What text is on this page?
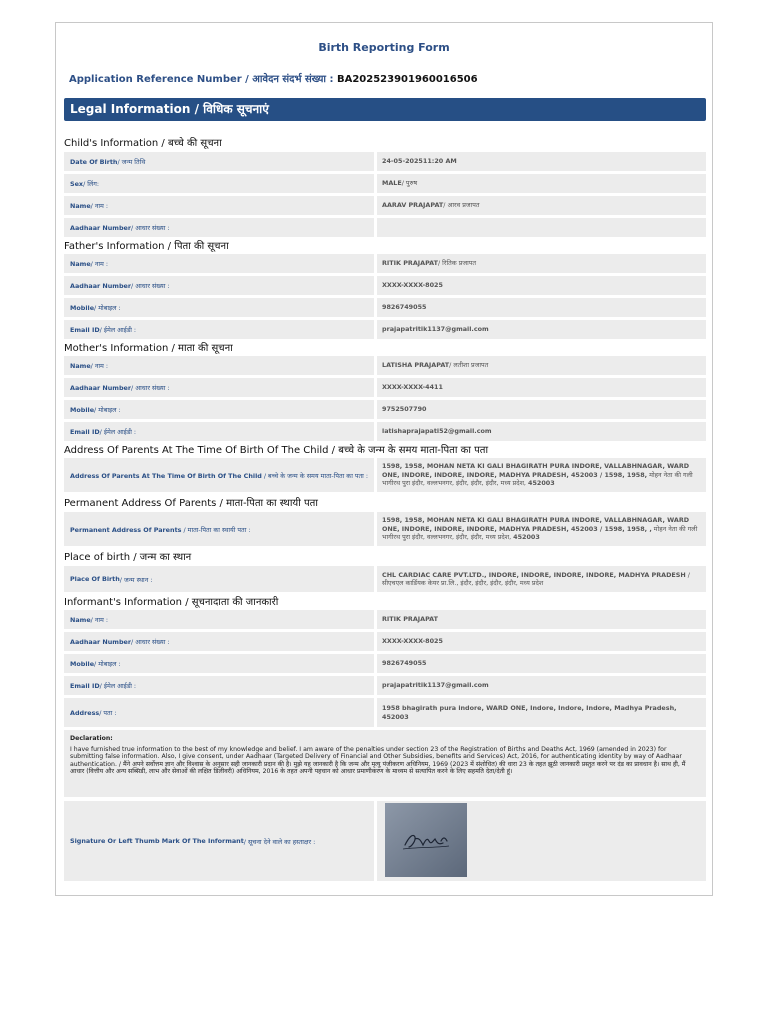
Birth Reporting Form
Application Reference Number / आवेदन संदर्भ संख्या : BA202523901960016506
Legal Information / विधिक सूचनाएं
Child's Information / बच्चे की सूचना
Date Of Birth / जन्म तिथि	24-05-202511:20 AM
Sex / लिंग:	MALE / पुरुष
Name / नाम :	AARAV PRAJAPAT / आरव प्रजापत
Aadhaar Number / आधार संख्या :
Father's Information / पिता की सूचना
Name / नाम :	RITIK PRAJAPAT / रितिक प्रजापत
Aadhaar Number / आधार संख्या :	XXXX-XXXX-8025
Mobile / मोबाइल :	9826749055
Email ID / ईमेल आईडी :	prajapatritik1137@gmail.com
Mother's Information / माता की सूचना
Name / नाम :	LATISHA PRAJAPAT / लतीशा प्रजापत
Aadhaar Number / आधार संख्या :	XXXX-XXXX-4411
Mobile / मोबाइल :	9752507790
Email ID / ईमेल आईडी :	latishaprajapati52@gmail.com
Address Of Parents At The Time Of Birth Of The Child / बच्चे के जन्म के समय माता-पिता का पता
Address Of Parents At The Time Of Birth Of The Child / बच्चे के जन्म के समय माता-पिता का पता :
1598, 1958, MOHAN NETA KI GALI BHAGIRATH PURA INDORE, VALLABHNAGAR, WARD ONE, INDORE, INDORE, INDORE, MADHYA PRADESH, 452003 / 1598, 1958, मोहन नेता की गली भागीरथ पुरा इंदौर, वल्लभनगर, इंदौर, इंदौर, इंदौर, मध्य प्रदेश, 452003
Permanent Address Of Parents / माता-पिता का स्थायी पता
Permanent Address Of Parents / माता-पिता का स्थायी पता :
1598, 1958, MOHAN NETA KI GALI BHAGIRATH PURA INDORE, VALLABHNAGAR, WARD ONE, INDORE, INDORE, INDORE, MADHYA PRADESH, 452003 / 1598, 1958, , मोहन नेता की गली भागीरथ पुरा इंदौर, वल्लभनगर, इंदौर, इंदौर, मध्य प्रदेश, 452003
Place of birth / जन्म का स्थान
Place Of Birth / जन्म स्थान :
CHL CARDIAC CARE PVT.LTD., INDORE, INDORE, INDORE, INDORE, MADHYA PRADESH / सीएचएल कार्डियक केयर प्रा.लि., इंदौर, इंदौर, इंदौर, इंदौर, मध्य प्रदेश
Informant's Information / सूचनादाता की जानकारी
Name / नाम :	RITIK PRAJAPAT
Aadhaar Number / आधार संख्या :	XXXX-XXXX-8025
Mobile / मोबाइल :	9826749055
Email ID / ईमेल आईडी :	prajapatritik1137@gmail.com
Address / पता :
1958 bhagirath pura indore, WARD ONE, Indore, Indore, Indore, Madhya Pradesh, 452003
Declaration:
I have furnished true information to the best of my knowledge and belief. I am aware of the penalties under section 23 of the Registration of Births and Deaths Act, 1969 (amended in 2023) for submitting false information. Also, I give consent, under Aadhaar (Targeted Delivery of Financial and Other Subsidies, benefits and Services) Act, 2016, for authenticating identity by way of Aadhaar authentication. / मैंने अपने सर्वोत्तम ज्ञान और विश्वास के अनुसार सही जानकारी प्रदान की है। मुझे यह जानकारी है कि जन्म और मृत्यु पंजीकरण अधिनियम, 1969 (2023 में संशोधित) की धारा 23 के तहत झूठी जानकारी प्रस्तुत करने पर दंड का प्रावधान है। साथ ही, मैं आधार (वित्तीय और अन्य सब्सिडी, लाभ और सेवाओं की लक्षित डिलीवरी) अधिनियम, 2016 के तहत अपनी पहचान को आधार प्रमाणीकरण के माध्यम से सत्यापित करने के लिए सहमति देता/देती हूं।
Signature Or Left Thumb Mark Of The Informant / सूचना देने वाले का हस्ताक्षर :
